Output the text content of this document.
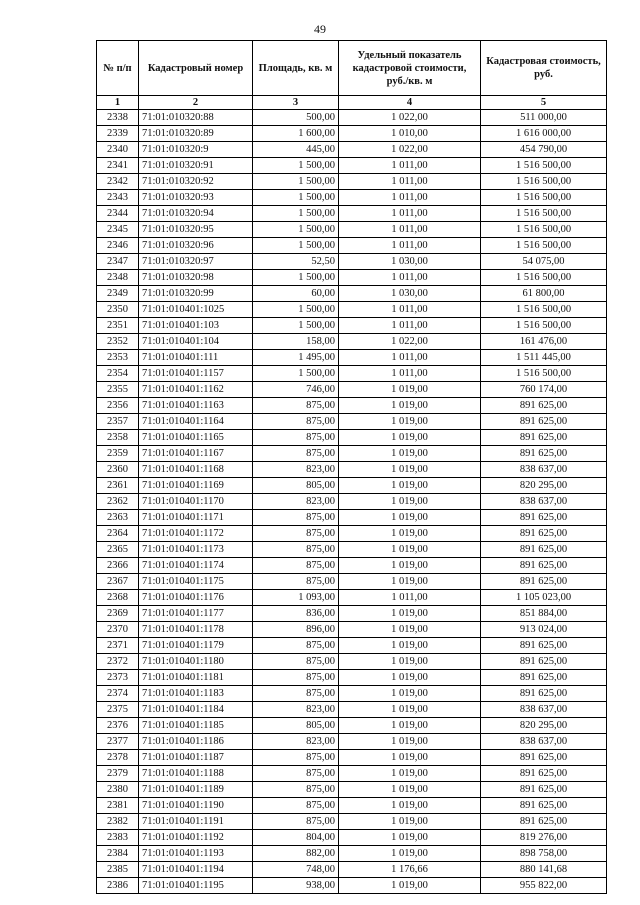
49
№ п/п	Кадастровый номер	Площадь, кв. м	Удельный показатель кадастровой стоимости, руб./кв. м	Кадастровая стоимость, руб.
1	2	3	4	5
2338	71:01:010320:88	500,00	1 022,00	511 000,00
2339	71:01:010320:89	1 600,00	1 010,00	1 616 000,00
2340	71:01:010320:9	445,00	1 022,00	454 790,00
2341	71:01:010320:91	1 500,00	1 011,00	1 516 500,00
2342	71:01:010320:92	1 500,00	1 011,00	1 516 500,00
2343	71:01:010320:93	1 500,00	1 011,00	1 516 500,00
2344	71:01:010320:94	1 500,00	1 011,00	1 516 500,00
2345	71:01:010320:95	1 500,00	1 011,00	1 516 500,00
2346	71:01:010320:96	1 500,00	1 011,00	1 516 500,00
2347	71:01:010320:97	52,50	1 030,00	54 075,00
2348	71:01:010320:98	1 500,00	1 011,00	1 516 500,00
2349	71:01:010320:99	60,00	1 030,00	61 800,00
2350	71:01:010401:1025	1 500,00	1 011,00	1 516 500,00
2351	71:01:010401:103	1 500,00	1 011,00	1 516 500,00
2352	71:01:010401:104	158,00	1 022,00	161 476,00
2353	71:01:010401:111	1 495,00	1 011,00	1 511 445,00
2354	71:01:010401:1157	1 500,00	1 011,00	1 516 500,00
2355	71:01:010401:1162	746,00	1 019,00	760 174,00
2356	71:01:010401:1163	875,00	1 019,00	891 625,00
2357	71:01:010401:1164	875,00	1 019,00	891 625,00
2358	71:01:010401:1165	875,00	1 019,00	891 625,00
2359	71:01:010401:1167	875,00	1 019,00	891 625,00
2360	71:01:010401:1168	823,00	1 019,00	838 637,00
2361	71:01:010401:1169	805,00	1 019,00	820 295,00
2362	71:01:010401:1170	823,00	1 019,00	838 637,00
2363	71:01:010401:1171	875,00	1 019,00	891 625,00
2364	71:01:010401:1172	875,00	1 019,00	891 625,00
2365	71:01:010401:1173	875,00	1 019,00	891 625,00
2366	71:01:010401:1174	875,00	1 019,00	891 625,00
2367	71:01:010401:1175	875,00	1 019,00	891 625,00
2368	71:01:010401:1176	1 093,00	1 011,00	1 105 023,00
2369	71:01:010401:1177	836,00	1 019,00	851 884,00
2370	71:01:010401:1178	896,00	1 019,00	913 024,00
2371	71:01:010401:1179	875,00	1 019,00	891 625,00
2372	71:01:010401:1180	875,00	1 019,00	891 625,00
2373	71:01:010401:1181	875,00	1 019,00	891 625,00
2374	71:01:010401:1183	875,00	1 019,00	891 625,00
2375	71:01:010401:1184	823,00	1 019,00	838 637,00
2376	71:01:010401:1185	805,00	1 019,00	820 295,00
2377	71:01:010401:1186	823,00	1 019,00	838 637,00
2378	71:01:010401:1187	875,00	1 019,00	891 625,00
2379	71:01:010401:1188	875,00	1 019,00	891 625,00
2380	71:01:010401:1189	875,00	1 019,00	891 625,00
2381	71:01:010401:1190	875,00	1 019,00	891 625,00
2382	71:01:010401:1191	875,00	1 019,00	891 625,00
2383	71:01:010401:1192	804,00	1 019,00	819 276,00
2384	71:01:010401:1193	882,00	1 019,00	898 758,00
2385	71:01:010401:1194	748,00	1 176,66	880 141,68
2386	71:01:010401:1195	938,00	1 019,00	955 822,00
